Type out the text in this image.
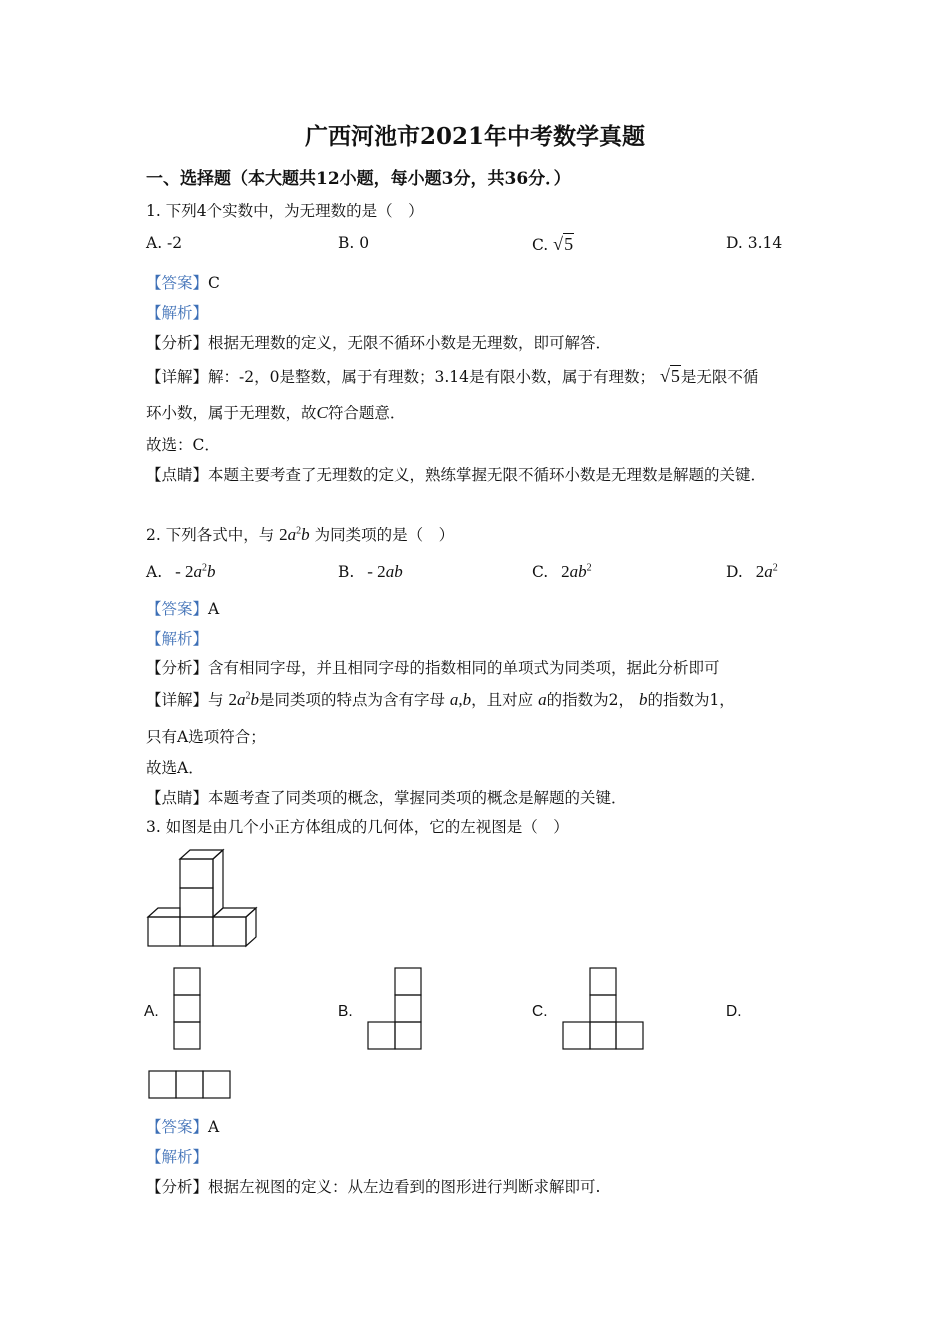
广西河池市2021年中考数学真题
一、选择题（本大题共12小题，每小题3分，共36分．）
1. 下列4个实数中，为无理数的是（　）
A. -2	B. 0	C. √5	D. 3.14
【答案】C
【解析】
【分析】根据无理数的定义，无限不循环小数是无理数，即可解答．
【详解】解：-2，0是整数，属于有理数；3.14是有限小数，属于有理数； √5是无限不循
环小数，属于无理数，故C符合题意．
故选：C．
【点睛】本题主要考查了无理数的定义，熟练掌握无限不循环小数是无理数是解题的关键．
2. 下列各式中，与 $2a^2b$ 为同类项的是（　）
A. - $2a^2b$	B. - 2ab	C. $2ab^2$	D. $2a^2$
【答案】A
【解析】
【分析】含有相同字母，并且相同字母的指数相同的单项式为同类项，据此分析即可
【详解】与 $2a^2b$是同类项的特点为含有字母 a,b，且对应 a的指数为2， b的指数为1，
只有A选项符合；
故选A．
【点睛】本题考查了同类项的概念，掌握同类项的概念是解题的关键．
3. 如图是由几个小正方体组成的几何体，它的左视图是（　）
A.	B.	C.	D.
【答案】A
【解析】
【分析】根据左视图的定义：从左边看到的图形进行判断求解即可.
